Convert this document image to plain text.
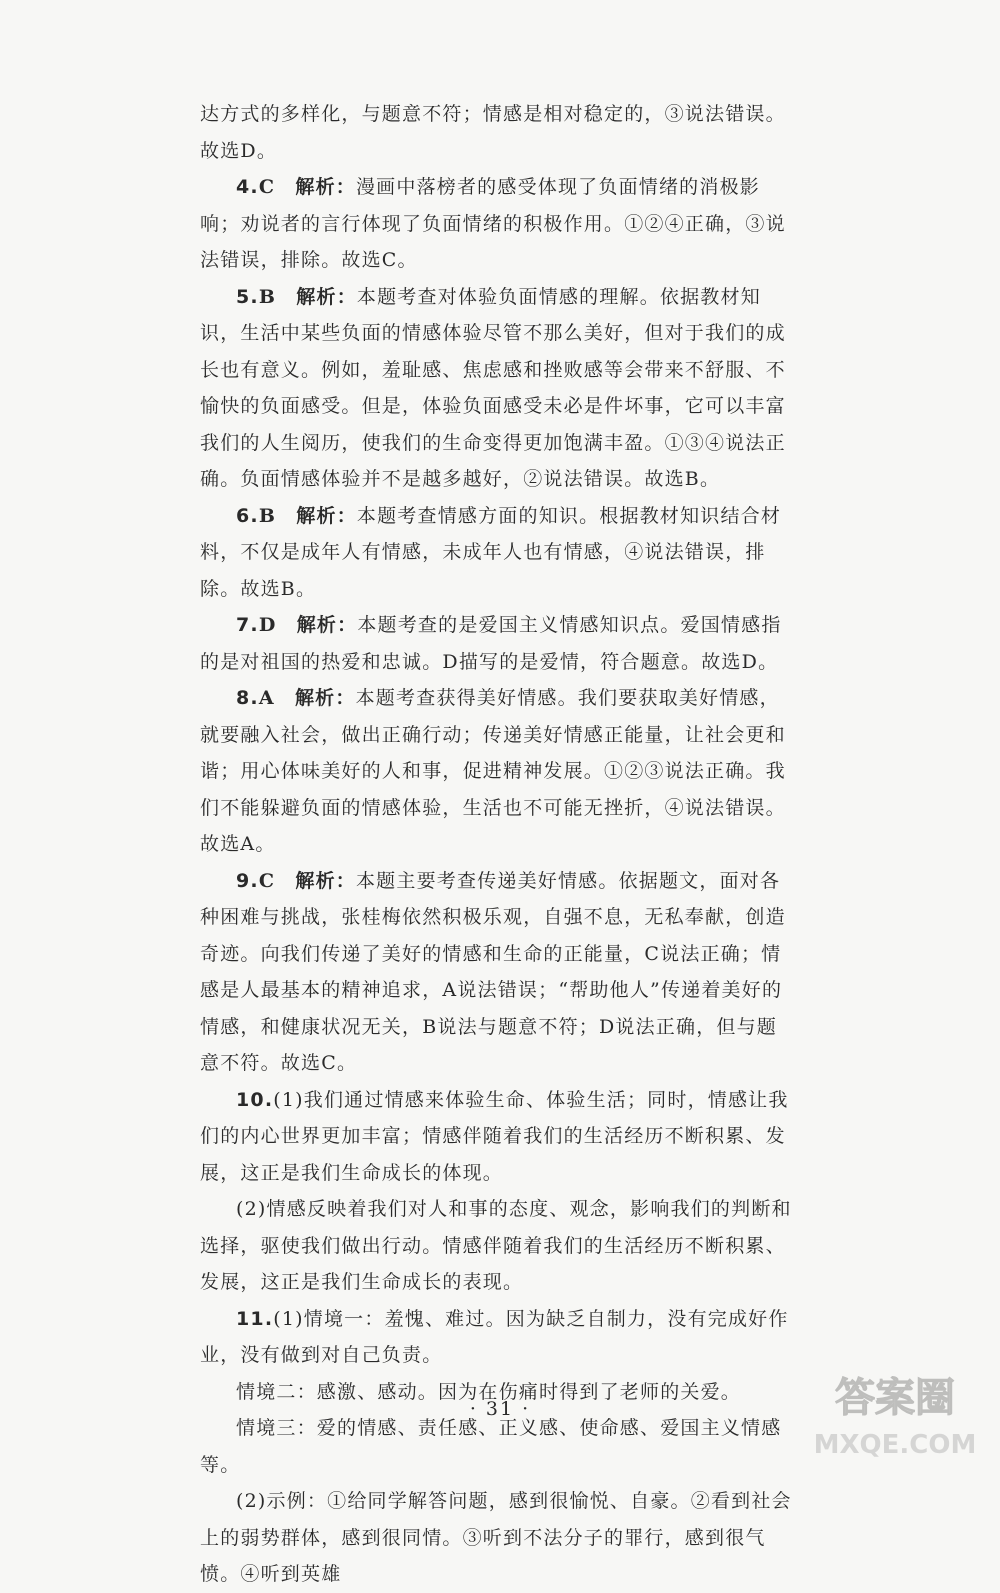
达方式的多样化，与题意不符；情感是相对稳定的，③说法错误。故选D。

4.C　解析：漫画中落榜者的感受体现了负面情绪的消极影响；劝说者的言行体现了负面情绪的积极作用。①②④正确，③说法错误，排除。故选C。

5.B　解析：本题考查对体验负面情感的理解。依据教材知识，生活中某些负面的情感体验尽管不那么美好，但对于我们的成长也有意义。例如，羞耻感、焦虑感和挫败感等会带来不舒服、不愉快的负面感受。但是，体验负面感受未必是件坏事，它可以丰富我们的人生阅历，使我们的生命变得更加饱满丰盈。①③④说法正确。负面情感体验并不是越多越好，②说法错误。故选B。

6.B　解析：本题考查情感方面的知识。根据教材知识结合材料，不仅是成年人有情感，未成年人也有情感，④说法错误，排除。故选B。

7.D　解析：本题考查的是爱国主义情感知识点。爱国情感指的是对祖国的热爱和忠诚。D描写的是爱情，符合题意。故选D。

8.A　解析：本题考查获得美好情感。我们要获取美好情感，就要融入社会，做出正确行动；传递美好情感正能量，让社会更和谐；用心体味美好的人和事，促进精神发展。①②③说法正确。我们不能躲避负面的情感体验，生活也不可能无挫折，④说法错误。故选A。

9.C　解析：本题主要考查传递美好情感。依据题文，面对各种困难与挑战，张桂梅依然积极乐观，自强不息，无私奉献，创造奇迹。向我们传递了美好的情感和生命的正能量，C说法正确；情感是人最基本的精神追求，A说法错误；“帮助他人”传递着美好的情感，和健康状况无关，B说法与题意不符；D说法正确，但与题意不符。故选C。

10.(1)我们通过情感来体验生命、体验生活；同时，情感让我们的内心世界更加丰富；情感伴随着我们的生活经历不断积累、发展，这正是我们生命成长的体现。

(2)情感反映着我们对人和事的态度、观念，影响我们的判断和选择，驱使我们做出行动。情感伴随着我们的生活经历不断积累、发展，这正是我们生命成长的表现。

11.(1)情境一：羞愧、难过。因为缺乏自制力，没有完成好作业，没有做到对自己负责。

情境二：感激、感动。因为在伤痛时得到了老师的关爱。

情境三：爱的情感、责任感、正义感、使命感、爱国主义情感等。

(2)示例：①给同学解答问题，感到很愉悦、自豪。②看到社会上的弱势群体，感到很同情。③听到不法分子的罪行，感到很气愤。④听到英雄

· 31 ·	答案圈
MXQE.COM
